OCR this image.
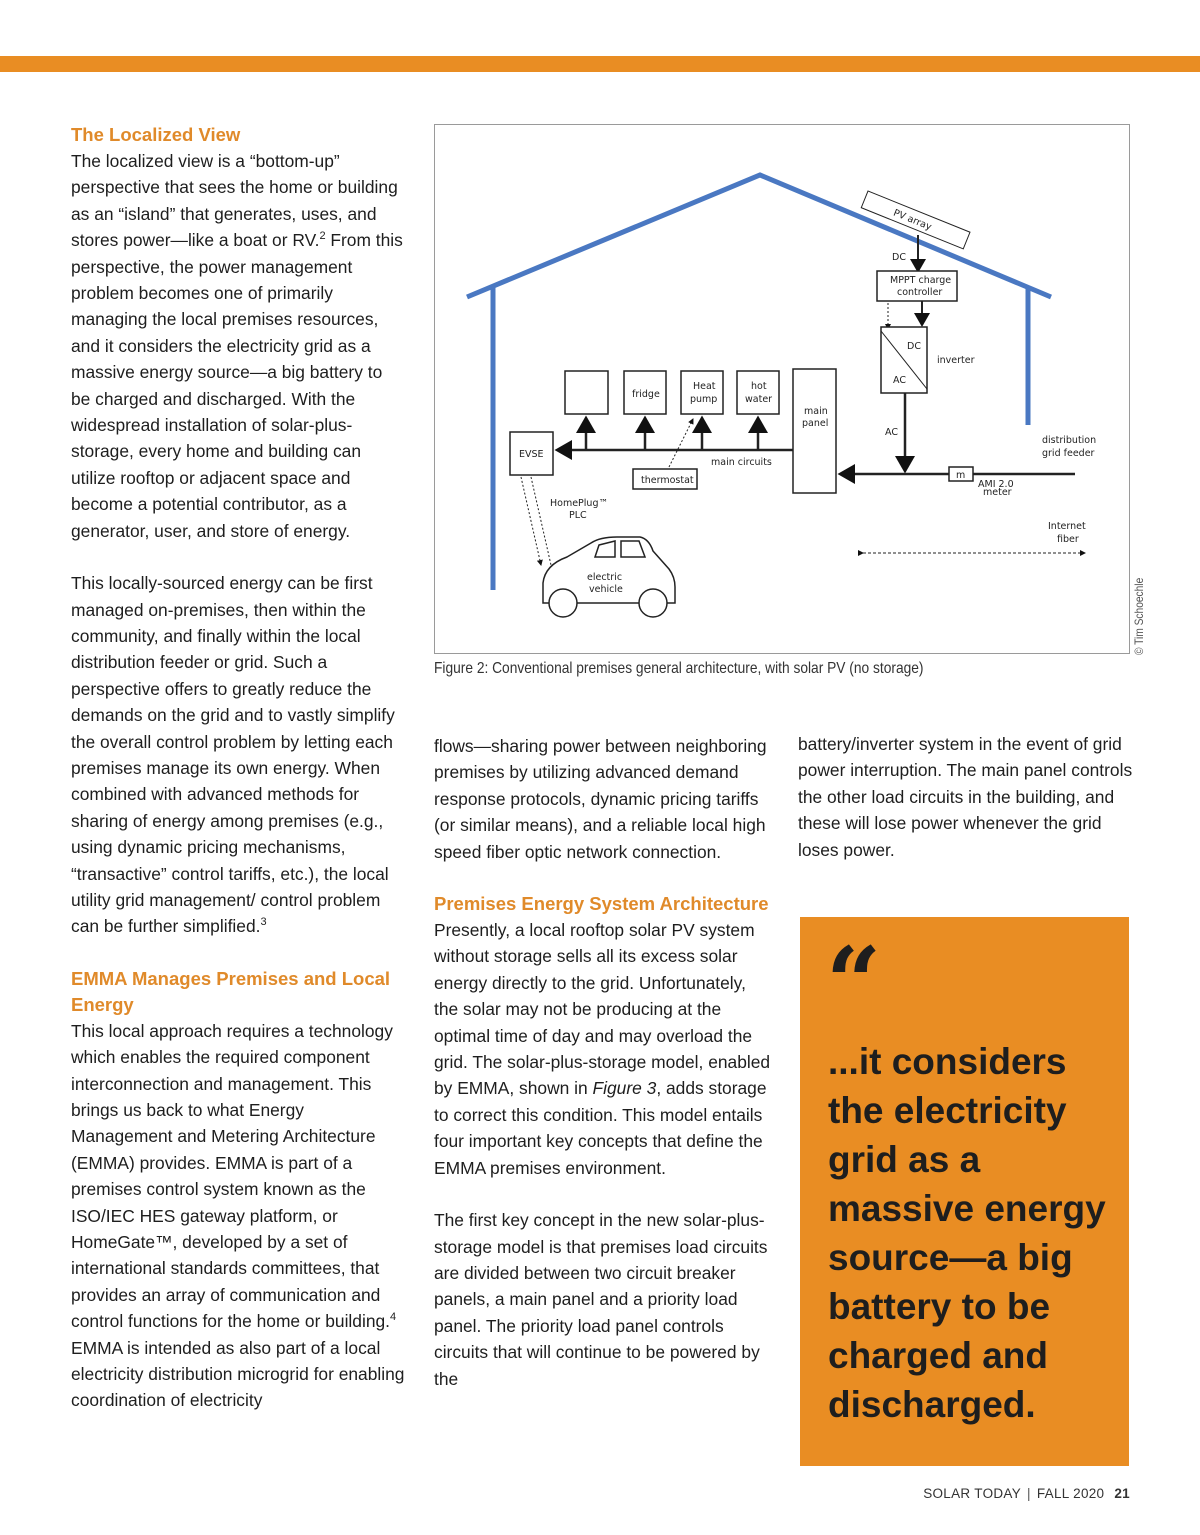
The Localized View

The localized view is a “bottom-up” perspective that sees the home or building as an “island” that generates, uses, and stores power—like a boat or RV.$^2$ From this perspective, the power management problem becomes one of primarily managing the local premises resources, and it considers the electricity grid as a massive energy source—a big battery to be charged and discharged. With the widespread installation of solar-plus-storage, every home and building can utilize rooftop or adjacent space and become a potential contributor, as a generator, user, and store of energy.

This locally-sourced energy can be first managed on-premises, then within the community, and finally within the local distribution feeder or grid. Such a perspective offers to greatly reduce the demands on the grid and to vastly simplify the overall control problem by letting each premises manage its own energy. When combined with advanced methods for sharing of energy among premises (e.g., using dynamic pricing mechanisms, “transactive” control tariffs, etc.), the local utility grid management/ control problem can be further simplified.$^3$

EMMA Manages Premises and Local Energy

This local approach requires a technology which enables the required component interconnection and management. This brings us back to what Energy Management and Metering Architecture (EMMA) provides. EMMA is part of a premises control system known as the ISO/IEC HES gateway platform, or HomeGate™, developed by a set of international standards committees, that provides an array of communication and control functions for the home or building.$^4$ EMMA is intended as also part of a local electricity distribution microgrid for enabling coordination of electricity

PV array
DC
MPPT charge
controller
DC
AC
inverter
AC
fridge
Heat
pump
hot
water
main
panel
EVSE
main circuits
thermostat	m
AMI 2.0
meter
distribution
grid feeder
HomePlug™
PLC
Internet
fiber
electric
vehicle
Figure 2: Conventional premises general architecture, with solar PV (no storage)
© Tim Schoechle

flows—sharing power between neighboring premises by utilizing advanced demand response protocols, dynamic pricing tariffs (or similar means), and a reliable local high speed fiber optic network connection.

Premises Energy System Architecture

Presently, a local rooftop solar PV system without storage sells all its excess solar energy directly to the grid. Unfortunately, the solar may not be producing at the optimal time of day and may overload the grid. The solar-plus-storage model, enabled by EMMA, shown in Figure 3, adds storage to correct this condition. This model entails four important key concepts that define the EMMA premises environment.

The first key concept in the new solar-plus-storage model is that premises load circuits are divided between two circuit breaker panels, a main panel and a priority load panel. The priority load panel controls circuits that will continue to be powered by the

battery/inverter system in the event of grid power interruption. The main panel controls the other load circuits in the building, and these will lose power whenever the grid loses power.

“

...it considers the electricity grid as a massive energy source—a big battery to be charged and discharged.

SOLAR TODAY | FALL 2020 21
